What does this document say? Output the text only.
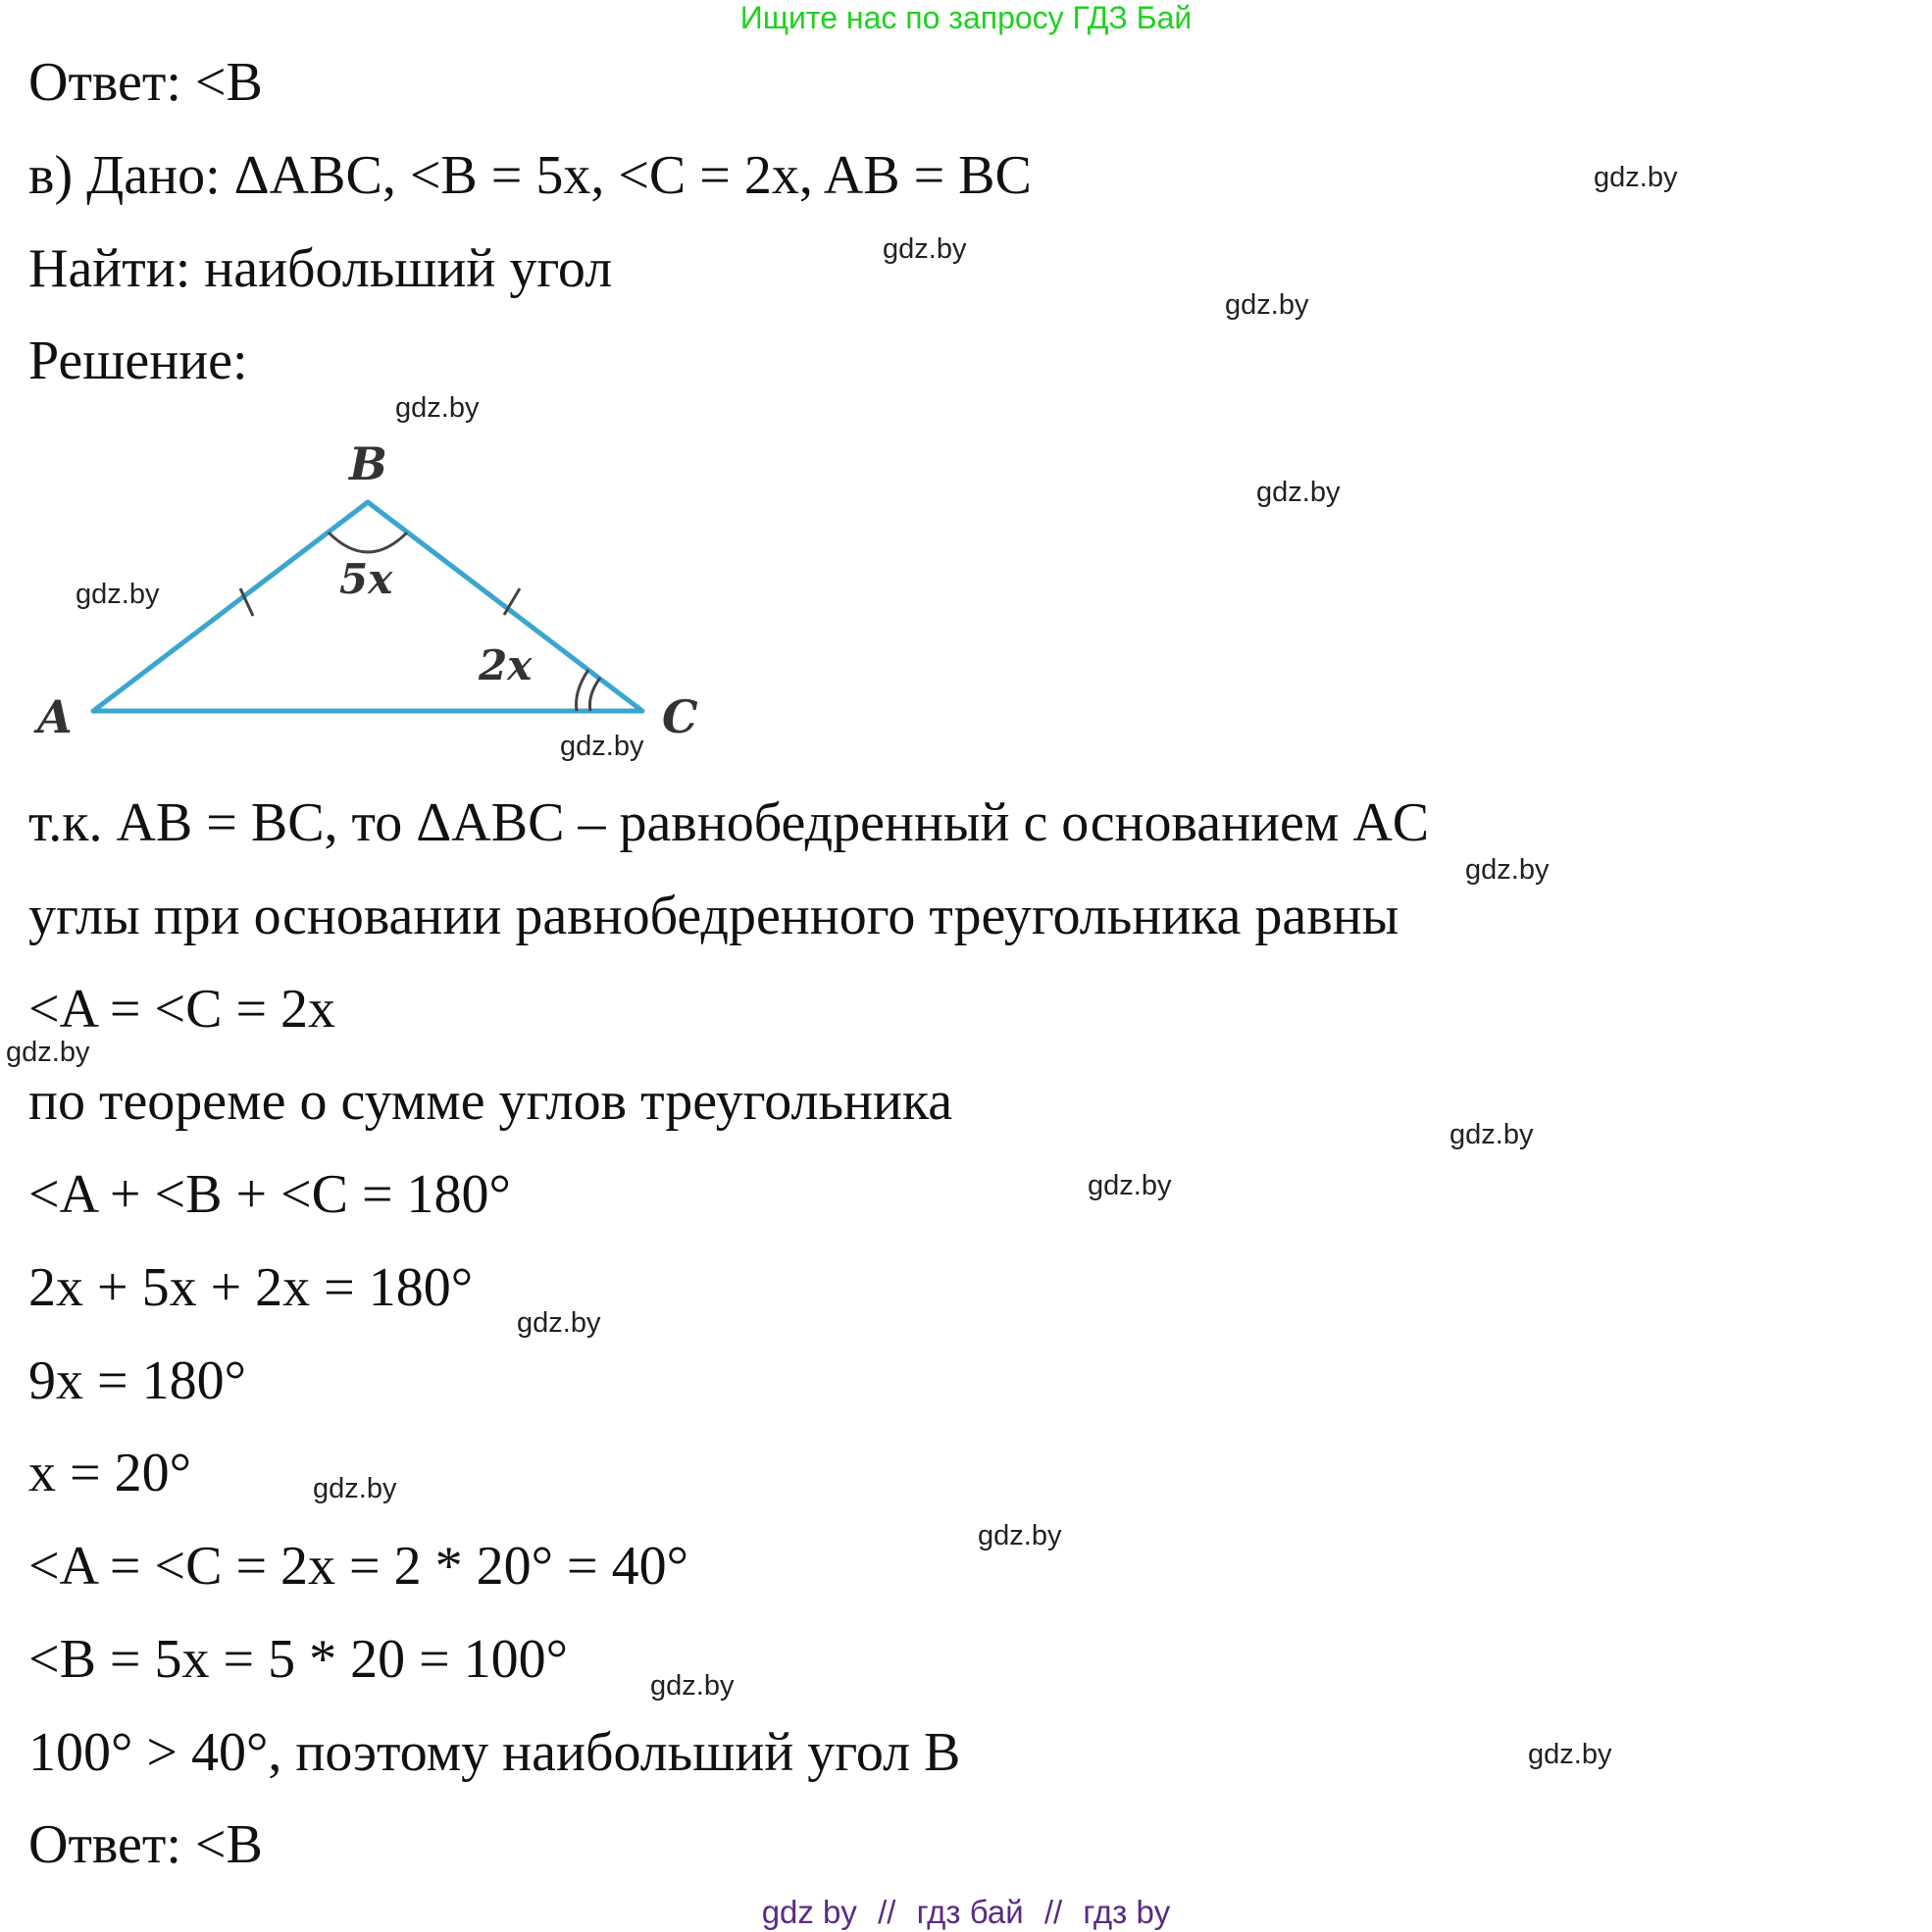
Ищите нас по запросу ГДЗ Бай
Ответ: <B
в) Дано: ΔABC, <B = 5x, <C = 2x, AB = BC
Найти: наибольший угол
Решение:
A
B
C
5x
2x
т.к. AB = BC, то ΔABC – равнобедренный с основанием AC
углы при основании равнобедренного треугольника равны
<A = <C = 2x
по теореме о сумме углов треугольника
<A + <B + <C = 180°
2x + 5x + 2x = 180°
9x = 180°
x = 20°
<A = <C = 2x = 2 * 20° = 40°
<B = 5x = 5 * 20 = 100°
100° > 40°, поэтому наибольший угол B
Ответ: <B
gdz.by
gdz.by
gdz.by
gdz.by
gdz.by
gdz.by
gdz.by
gdz.by
gdz.by
gdz.by
gdz.by
gdz.by
gdz.by
gdz.by
gdz.by
gdz.by
gdz by // гдз бай // гдз by
